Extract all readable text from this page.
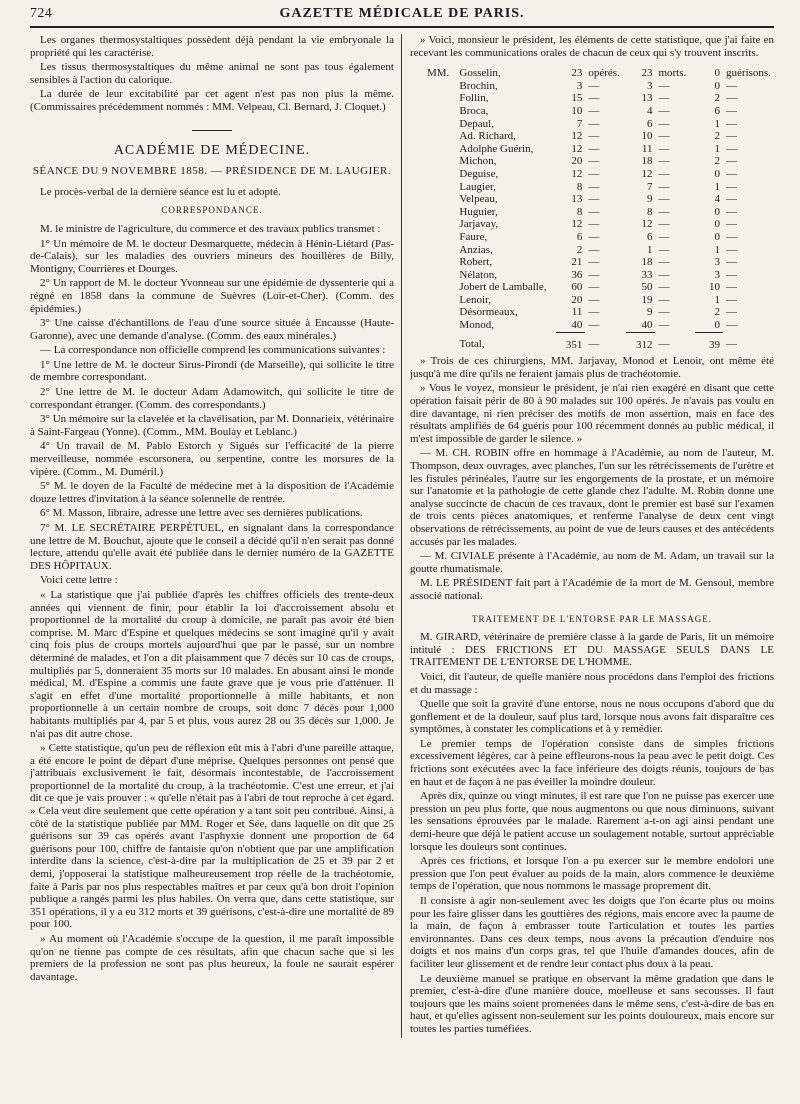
724	GAZETTE MÉDICALE DE PARIS.

Les organes thermosystaltiques possèdent déjà pendant la vie embryonale la propriété qui les caractérise.

Les tissus thermosystaltiques du même animal ne sont pas tous également sensibles à l'action du calorique.

La durée de leur excitabilité par cet agent n'est pas non plus la même. (Commissaires précédemment nommés : MM. Velpeau, Cl. Bernard, J. Cloquet.)

ACADÉMIE DE MÉDECINE.
SÉANCE DU 9 NOVEMBRE 1858. — PRÉSIDENCE DE M. LAUGIER.

Le procès-verbal de la dernière séance est lu et adopté.

CORRESPONDANCE.

M. le ministre de l'agriculture, du commerce et des travaux publics transmet :

1° Un mémoire de M. le docteur Desmarquette, médecin à Hénin-Liétard (Pas-de-Calais), sur les maladies des ouvriers mineurs des houillères de Billy, Montigny, Courrières et Dourges.

2° Un rapport de M. le docteur Yvonneau sur une épidémie de dyssenterie qui a régné en 1858 dans la commune de Suèvres (Loir-et-Cher). (Comm. des épidémies.)

3° Une caisse d'échantillons de l'eau d'une source située à Encausse (Haute-Garonne), avec une demande d'analyse. (Comm. des eaux minérales.)

— La correspondance non officielle comprend les communications suivantes :

1° Une lettre de M. le docteur Sirus-Pirondi (de Marseille), qui sollicite le titre de membre correspondant.

2° Une lettre de M. le docteur Adam Adamowitch, qui sollicite le titre de correspondant étranger. (Comm. des correspondants.)

3° Un mémoire sur la clavelée et la clavélisation, par M. Donnarieix, vétérinaire à Saint-Fargeau (Yonne). (Comm., MM. Boulay et Leblanc.)

4° Un travail de M. Pablo Estorch y Sigués sur l'efficacité de la pierre merveilleuse, nommée escorsonera, ou serpentine, contre les morsures de la vipère. (Comm., M. Duméril.)

5° M. le doyen de la Faculté de médecine met à la disposition de l'Académie douze lettres d'invitation à la séance solennelle de rentrée.

6° M. Masson, libraire, adresse une lettre avec ses dernières publications.

7° M. LE SECRÉTAIRE PERPÉTUEL, en signalant dans la correspondance une lettre de M. Bouchut, ajoute que le conseil a décidé qu'il n'en serait pas donné lecture, attendu qu'elle avait été publiée dans le dernier numéro de la GAZETTE DES HÔPITAUX.

Voici cette lettre :

« La statistique que j'ai publiée d'après les chiffres officiels des trente-deux années qui viennent de finir, pour établir la loi d'accroissement absolu et proportionnel de la mortalité du croup à domicile, ne paraît pas avoir été bien comprise. M. Marc d'Espine et quelques médecins se sont imaginé qu'il y avait cinq fois plus de croups mortels aujourd'hui que par le passé, sur un nombre déterminé de malades, et l'on a dit plaisamment que 7 décès sur 10 cas de croups, multipliés par 5, donneraient 35 morts sur 10 malades. En abusant ainsi le monde médical, M. d'Espine a commis une faute grave que je vous prie d'atténuer. Il s'agit en effet d'une mortalité proportionnelle à mille habitants, et non proportionnelle à un certain nombre de croups, soit donc 7 décès pour 1,000 habitants multipliés par 4, par 5 et plus, vous aurez 28 ou 35 décès sur 1,000. Je n'ai pas dit autre chose.

» Cette statistique, qu'un peu de réflexion eût mis à l'abri d'une pareille attaque, a été encore le point de départ d'une méprise. Quelques personnes ont pensé que j'attribuais exclusivement le fait, désormais incontestable, de l'accroissement proportionnel de la mortalité du croup, à la trachéotomie. C'est une erreur, et j'ai dit ce que je vais prouver : « qu'elle n'était pas à l'abri de tout reproche à cet égard. » Cela veut dire seulement que cette opération y a tant soit peu contribué. Ainsi, à côté de la statistique publiée par MM. Roger et Sée, dans laquelle on dit que 25 guérisons sur 39 cas opérés avant l'asphyxie donnent une proportion de 64 guérisons pour 100, chiffre de fantaisie qu'on n'obtient que par une amplification interdite dans la science, c'est-à-dire par la multiplication de 25 et 39 par 2 et demi, j'opposerai la statistique malheureusement trop réelle de la trachéotomie, faite à Paris par nos plus respectables maîtres et par ceux qu'à bon droit l'opinion publique a rangés parmi les plus habiles. On verra que, dans cette statistique, sur 351 opérations, il y a eu 312 morts et 39 guérisons, c'est-à-dire une mortalité de 89 pour 100.

» Au moment où l'Académie s'occupe de la question, il me paraît impossible qu'on ne tienne pas compte de ces résultats, afin que chacun sache que si les premiers de la profession ne sont pas plus heureux, la foule ne saurait espérer davantage.

» Voici, monsieur le président, les éléments de cette statistique, que j'ai faite en recevant les communications orales de chacun de ceux qui s'y trouvent inscrits.

MM.	Gosselin,	23	opérés.	23	morts.	0	guérisons.
	Brochin,	3	—	3	—	0	—
	Follin,	15	—	13	—	2	—
	Broca,	10	—	4	—	6	—
	Depaul,	7	—	6	—	1	—
	Ad. Richard,	12	—	10	—	2	—
	Adolphe Guérin,	12	—	11	—	1	—
	Michon,	20	—	18	—	2	—
	Deguise,	12	—	12	—	0	—
	Laugier,	8	—	7	—	1	—
	Velpeau,	13	—	9	—	4	—
	Huguier,	8	—	8	—	0	—
	Jarjavay,	12	—	12	—	0	—
	Faure,	6	—	6	—	0	—
	Anzias,	2	—	1	—	1	—
	Robert,	21	—	18	—	3	—
	Nélaton,	36	—	33	—	3	—
	Jobert de Lamballe,	60	—	50	—	10	—
	Lenoir,	20	—	19	—	1	—
	Désormeaux,	11	—	9	—	2	—
	Monod,	40	—	40	—	0	—
	Total,	351	—	312	—	39	—

» Trois de ces chirurgiens, MM. Jarjavay, Monod et Lenoir, ont même été jusqu'à me dire qu'ils ne feraient jamais plus de trachéotomie.

» Vous le voyez, monsieur le président, je n'ai rien exagéré en disant que cette opération faisait périr de 80 à 90 malades sur 100 opérés. Je n'avais pas voulu en dire davantage, ni rien préciser des motifs de mon assertion, mais en face des résultats amplifiés de 64 guéris pour 100 récemment donnés au public médical, il m'est impossible de garder le silence. »

— M. CH. ROBIN offre en hommage à l'Académie, au nom de l'auteur, M. Thompson, deux ouvrages, avec planches, l'un sur les rétrécissements de l'urètre et les fistules périnéales, l'autre sur les engorgements de la prostate, et un mémoire sur l'anatomie et la pathologie de cette glande chez l'adulte. M. Robin donne une analyse succincte de chacun de ces travaux, dont le premier est basé sur l'examen de trois cents pièces anatomiques, et renferme l'analyse de deux cent vingt observations de rétrécissements, au point de vue de leurs causes et des antécédents accusés par les malades.

— M. CIVIALE présente à l'Académie, au nom de M. Adam, un travail sur la goutte rhumatismale.

M. LE PRÉSIDENT fait part à l'Académie de la mort de M. Gensoul, membre associé national.

TRAITEMENT DE L'ENTORSE PAR LE MASSAGE.

M. GIRARD, vétérinaire de première classe à la garde de Paris, lit un mémoire intitulé : DES FRICTIONS ET DU MASSAGE SEULS DANS LE TRAITEMENT DE L'ENTORSE DE L'HOMME.

Voici, dit l'auteur, de quelle manière nous procédons dans l'emploi des frictions et du massage :

Quelle que soit la gravité d'une entorse, nous ne nous occupons d'abord que du gonflement et de la douleur, sauf plus tard, lorsque nous avons fait disparaître ces symptômes, à constater les complications et à y remédier.

Le premier temps de l'opération consiste dans de simples frictions excessivement légères, car à peine effleurons-nous la peau avec le petit doigt. Ces frictions sont exécutées avec la face inférieure des doigts réunis, toujours de bas en haut et de façon à ne pas éveiller la moindre douleur.

Après dix, quinze ou vingt minutes, il est rare que l'on ne puisse pas exercer une pression un peu plus forte, que nous augmentons ou que nous diminuons, suivant les sensations éprouvées par le malade. Rarement a-t-on agi ainsi pendant une demi-heure que déjà le patient accuse un soulagement notable, surtout appréciable lorsque les douleurs sont continues.

Après ces frictions, et lorsque l'on a pu exercer sur le membre endolori une pression que l'on peut évaluer au poids de la main, alors commence le deuxième temps de l'opération, que nous nommons le massage proprement dit.

Il consiste à agir non-seulement avec les doigts que l'on écarte plus ou moins pour les faire glisser dans les gouttières des régions, mais encore avec la paume de la main, de façon à embrasser toute l'articulation et toutes les parties environnantes. Dans ces deux temps, nous avons la précaution d'enduire nos doigts et nos mains d'un corps gras, tel que l'huile d'amandes douces, afin de faciliter leur glissement et de rendre leur contact plus doux à la peau.

Le deuxième manuel se pratique en observant la même gradation que dans le premier, c'est-à-dire d'une manière douce, moelleuse et sans secousses. Il faut toujours que les mains soient promenées dans le même sens, c'est-à-dire de bas en haut, et qu'elles agissent non-seulement sur les points douloureux, mais encore sur toutes les parties tuméfiées.
